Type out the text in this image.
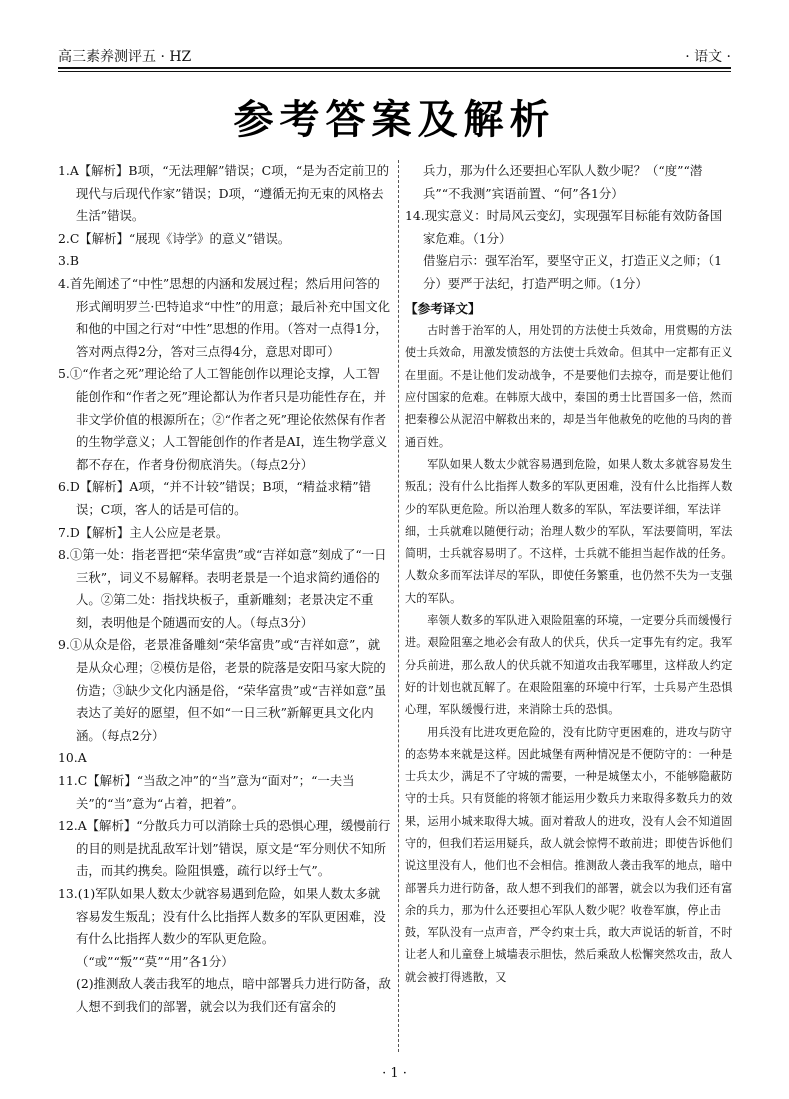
高三素养测评五 · HZ	· 语文 ·
参考答案及解析
1.A【解析】B项，“无法理解”错误；C项，“是为否定前卫的现代与后现代作家”错误；D项，“遵循无拘无束的风格去生活”错误。
2.C【解析】“展现《诗学》的意义”错误。
3.B
4.首先阐述了“中性”思想的内涵和发展过程；然后用问答的形式阐明罗兰·巴特追求“中性”的用意；最后补充中国文化和他的中国之行对“中性”思想的作用。（答对一点得1分，答对两点得2分，答对三点得4分，意思对即可）
5.①“作者之死”理论给了人工智能创作以理论支撑，人工智能创作和“作者之死”理论都认为作者只是功能性存在，并非文学价值的根源所在；②“作者之死”理论依然保有作者的生物学意义；人工智能创作的作者是AI，连生物学意义都不存在，作者身份彻底消失。（每点2分）
6.D【解析】A项，“并不计较”错误；B项，“精益求精”错误；C项，客人的话是可信的。
7.D【解析】主人公应是老景。
8.①第一处：指老晋把“荣华富贵”或“吉祥如意”刻成了“一日三秋”，词义不易解释。表明老景是一个追求简约通俗的人。②第二处：指找块板子，重新雕刻；老景决定不重刻，表明他是个随遇而安的人。（每点3分）
9.①从众是俗，老景准备雕刻“荣华富贵”或“吉祥如意”，就是从众心理；②模仿是俗，老景的院落是安阳马家大院的仿造；③缺少文化内涵是俗，“荣华富贵”或“吉祥如意”虽表达了美好的愿望，但不如“一日三秋”新解更具文化内涵。（每点2分）
10.A
11.C【解析】“当敌之冲”的“当”意为“面对”；“一夫当关”的“当”意为“占着，把着”。
12.A【解析】“分散兵力可以消除士兵的恐惧心理，缓慢前行的目的则是扰乱敌军计划”错误，原文是“军分则伏不知所击，而其约携矣。险阻惧蹙，疏行以纾士气”。
13.(1)军队如果人数太少就容易遇到危险，如果人数太多就容易发生叛乱；没有什么比指挥人数多的军队更困难，没有什么比指挥人数少的军队更危险。（“或”“叛”“莫”“用”各1分）
(2)推测敌人袭击我军的地点，暗中部署兵力进行防备，敌人想不到我们的部署，就会以为我们还有富余的
兵力，那为什么还要担心军队人数少呢？（“度”“潜兵”“不我测”宾语前置、“何”各1分）
14.现实意义：时局风云变幻，实现强军目标能有效防备国家危难。（1分）
借鉴启示：强军治军，要坚守正义，打造正义之师；（1分）要严于法纪，打造严明之师。（1分）
【参考译文】

古时善于治军的人，用处罚的方法使士兵效命，用赏赐的方法使士兵效命，用激发愤怒的方法使士兵效命。但其中一定都有正义在里面。不是让他们发动战争，不是要他们去掠夺，而是要让他们应付国家的危难。在韩原大战中，秦国的勇士比晋国多一倍，然而把秦穆公从泥沼中解救出来的，却是当年他赦免的吃他的马肉的普通百姓。

军队如果人数太少就容易遇到危险，如果人数太多就容易发生叛乱；没有什么比指挥人数多的军队更困难，没有什么比指挥人数少的军队更危险。所以治理人数多的军队，军法要详细，军法详细，士兵就难以随便行动；治理人数少的军队，军法要简明，军法简明，士兵就容易明了。不这样，士兵就不能担当起作战的任务。人数众多而军法详尽的军队，即使任务繁重，也仍然不失为一支强大的军队。

率领人数多的军队进入艰险阻塞的环境，一定要分兵而缓慢行进。艰险阻塞之地必会有敌人的伏兵，伏兵一定事先有约定。我军分兵前进，那么敌人的伏兵就不知道攻击我军哪里，这样敌人约定好的计划也就瓦解了。在艰险阻塞的环境中行军，士兵易产生恐惧心理，军队缓慢行进，来消除士兵的恐惧。

用兵没有比进攻更危险的，没有比防守更困难的，进攻与防守的态势本来就是这样。因此城堡有两种情况是不便防守的：一种是士兵太少，满足不了守城的需要，一种是城堡太小，不能够隐蔽防守的士兵。只有贤能的将领才能运用少数兵力来取得多数兵力的效果，运用小城来取得大城。面对着敌人的进攻，没有人会不知道固守的，但我们若运用疑兵，敌人就会惊愕不敢前进；即使告诉他们说这里没有人，他们也不会相信。推测敌人袭击我军的地点，暗中部署兵力进行防备，敌人想不到我们的部署，就会以为我们还有富余的兵力，那为什么还要担心军队人数少呢？收卷军旗，停止击鼓，军队没有一点声音，严令约束士兵，敢大声说话的斩首，不时让老人和儿童登上城墙表示胆怯，然后乘敌人松懈突然攻击，敌人就会被打得逃散，又

· 1 ·
